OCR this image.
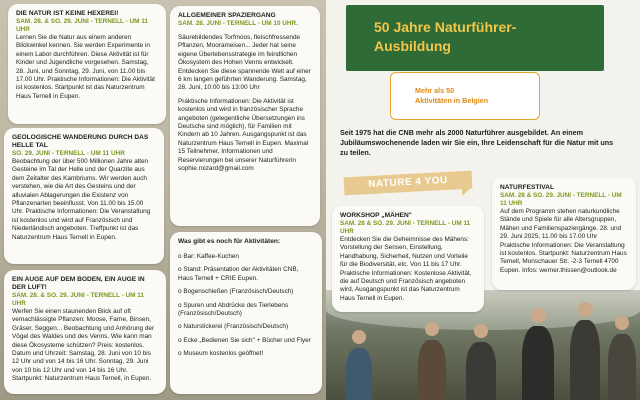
DIE NATUR IST KEINE HEXEREI!
SAM. 28. & SO. 29. JUNI - TERNELL - UM 11 UHR

Lernen Sie die Natur aus einem anderen Blickwinkel kennen. Sie werden Experimente in einem Labor durchführen. Diese Aktivität ist für Kinder und Jugendliche vorgesehen. Samstag, 28. Juni, und Sonntag, 29. Juni, von 11.00 bis 17.00 Uhr. Praktische Informationen: Die Aktivität ist kostenlos. Startpunkt ist das Naturzentrum Haus Ternell in Eupen.

GEOLOGISCHE WANDERUNG DURCH DAS HELLE TAL
SO. 29. JUNI - TERNELL - UM 11 UHR

Beobachtung der über 500 Millionen Jahre alten Gesteine im Tal der Helle und der Quarzite aus dem Zeitalter des Kambriums. Wir werden auch verstehen, wie die Art des Gesteins und der alluvialen Ablagerungen die Existenz von Pflanzenarten beeinflusst. Von 11.00 bis 15.00 Uhr. Praktische Informationen: Die Veranstaltung ist kostenlos und wird auf Französisch und Niederländisch angeboten. Treffpunkt ist das Naturzentrum Haus Ternell in Eupen.

EIN AUGE AUF DEM BODEN, EIN AUGE IN DER LUFT!
SAM. 28. & SO. 29. JUNI - TERNELL - UM 11 UHR

Werfen Sie einen staunenden Blick auf oft vernachlässigte Pflanzen: Moose, Farne, Binsen, Gräser, Seggen... Beobachtung und Anhörung der Vögel des Waldes und des Venns. Wie kann man diese Ökosysteme schützen? Preis: kostenlos. Datum und Uhrzeit: Samstag, 28. Juni von 10 bis 12 Uhr und von 14 bis 16 Uhr. Sonntag, 29. Juni von 10 bis 12 Uhr und von 14 bis 16 Uhr. Startpunkt: Naturzentrum Haus Ternell, in Eupen.

ALLGEMEINER SPAZIERGANG
SAM. 28. JUNI - TERNELL - UM 10 UHR.

Säurebildendes Torfmoos, fleischfressende Pflanzen, Moorameisen... Jeder hat seine eigene Überlebensstrategie im feindlichen Ökosystem des Hohen Venns entwickelt. Entdecken Sie diese spannende Welt auf einer 6 km langen geführten Wanderung. Samstag, 28. Juni, 10:00 bis 13:00 Uhr

Praktische Informationen: Die Aktivität ist kostenlos und wird in französischer Sprache angeboten (gelegentliche Übersetzungen ins Deutsche sind möglich), für Familien mit Kindern ab 10 Jahren. Ausgangspunkt ist das Naturzentrum Haus Ternell in Eupen. Maximal 15 Teilnehmer, Informationen und Reservierungen bei unserer Naturführerin sophie.roizard@gmail.com

Was gibt es noch für Aktivitäten:

o Bar: Kaffee-Kuchen

o Stand: Präsentation der Aktivitäten CNB, Haus Ternell + CRIE Eupen.

o Bogenschießen (Französisch/Deutsch)

o Spuren und Abdrücke des Tierlebens (Französisch/Deutsch)

o Naturstickerei (Französisch/Deutsch)

o Ecke „Bedienen Sie sich" + Bücher und Flyer

o Museum kostenlos geöffnet!

50 Jahre Naturführer-
Ausbildung
Mehr als 50
Aktivitäten in Belgien
Seit 1975 hat die CNB mehr als 2000 Naturführer ausgebildet. An einem Jubiläumswochenende laden wir Sie ein, Ihre Leidenschaft für die Natur mit uns zu teilen.
NATURE 4 YOU
WORKSHOP „MÄHEN"
SAM. 28 & SO. 29. JUNI - TERNELL - UM 11 UHR

Entdecken Sie die Geheimnisse des Mähens: Vorstellung der Sensen, Einstellung, Handhabung, Sicherheit, Nutzen und Vorteile für die Biodiversität, etc. Von 11 bis 17 Uhr. Praktische Informationen: Kostenlose Aktivität, die auf Deutsch und Französisch angeboten wird, Ausgangspunkt ist das Naturzentrum Haus Ternell in Eupen.

NATURFESTIVAL
SAM. 28 & SO. 29. JUNI - TERNELL - UM 11 UHR

Auf dem Programm stehen naturkundliche Stände und Spiele für alle Altersgruppen, Mähen und Familienspaziergänge. 28. und 29. Juni 2025, 11.00 bis 17.00 Uhr Praktische Informationen: Die Veranstaltung ist kostenlos. Startpunkt: Naturzentrum Haus Ternell, Monschauer Str. -2-3 Ternell 4700 Eupen. Infos: werner.thissen@outlook.de
